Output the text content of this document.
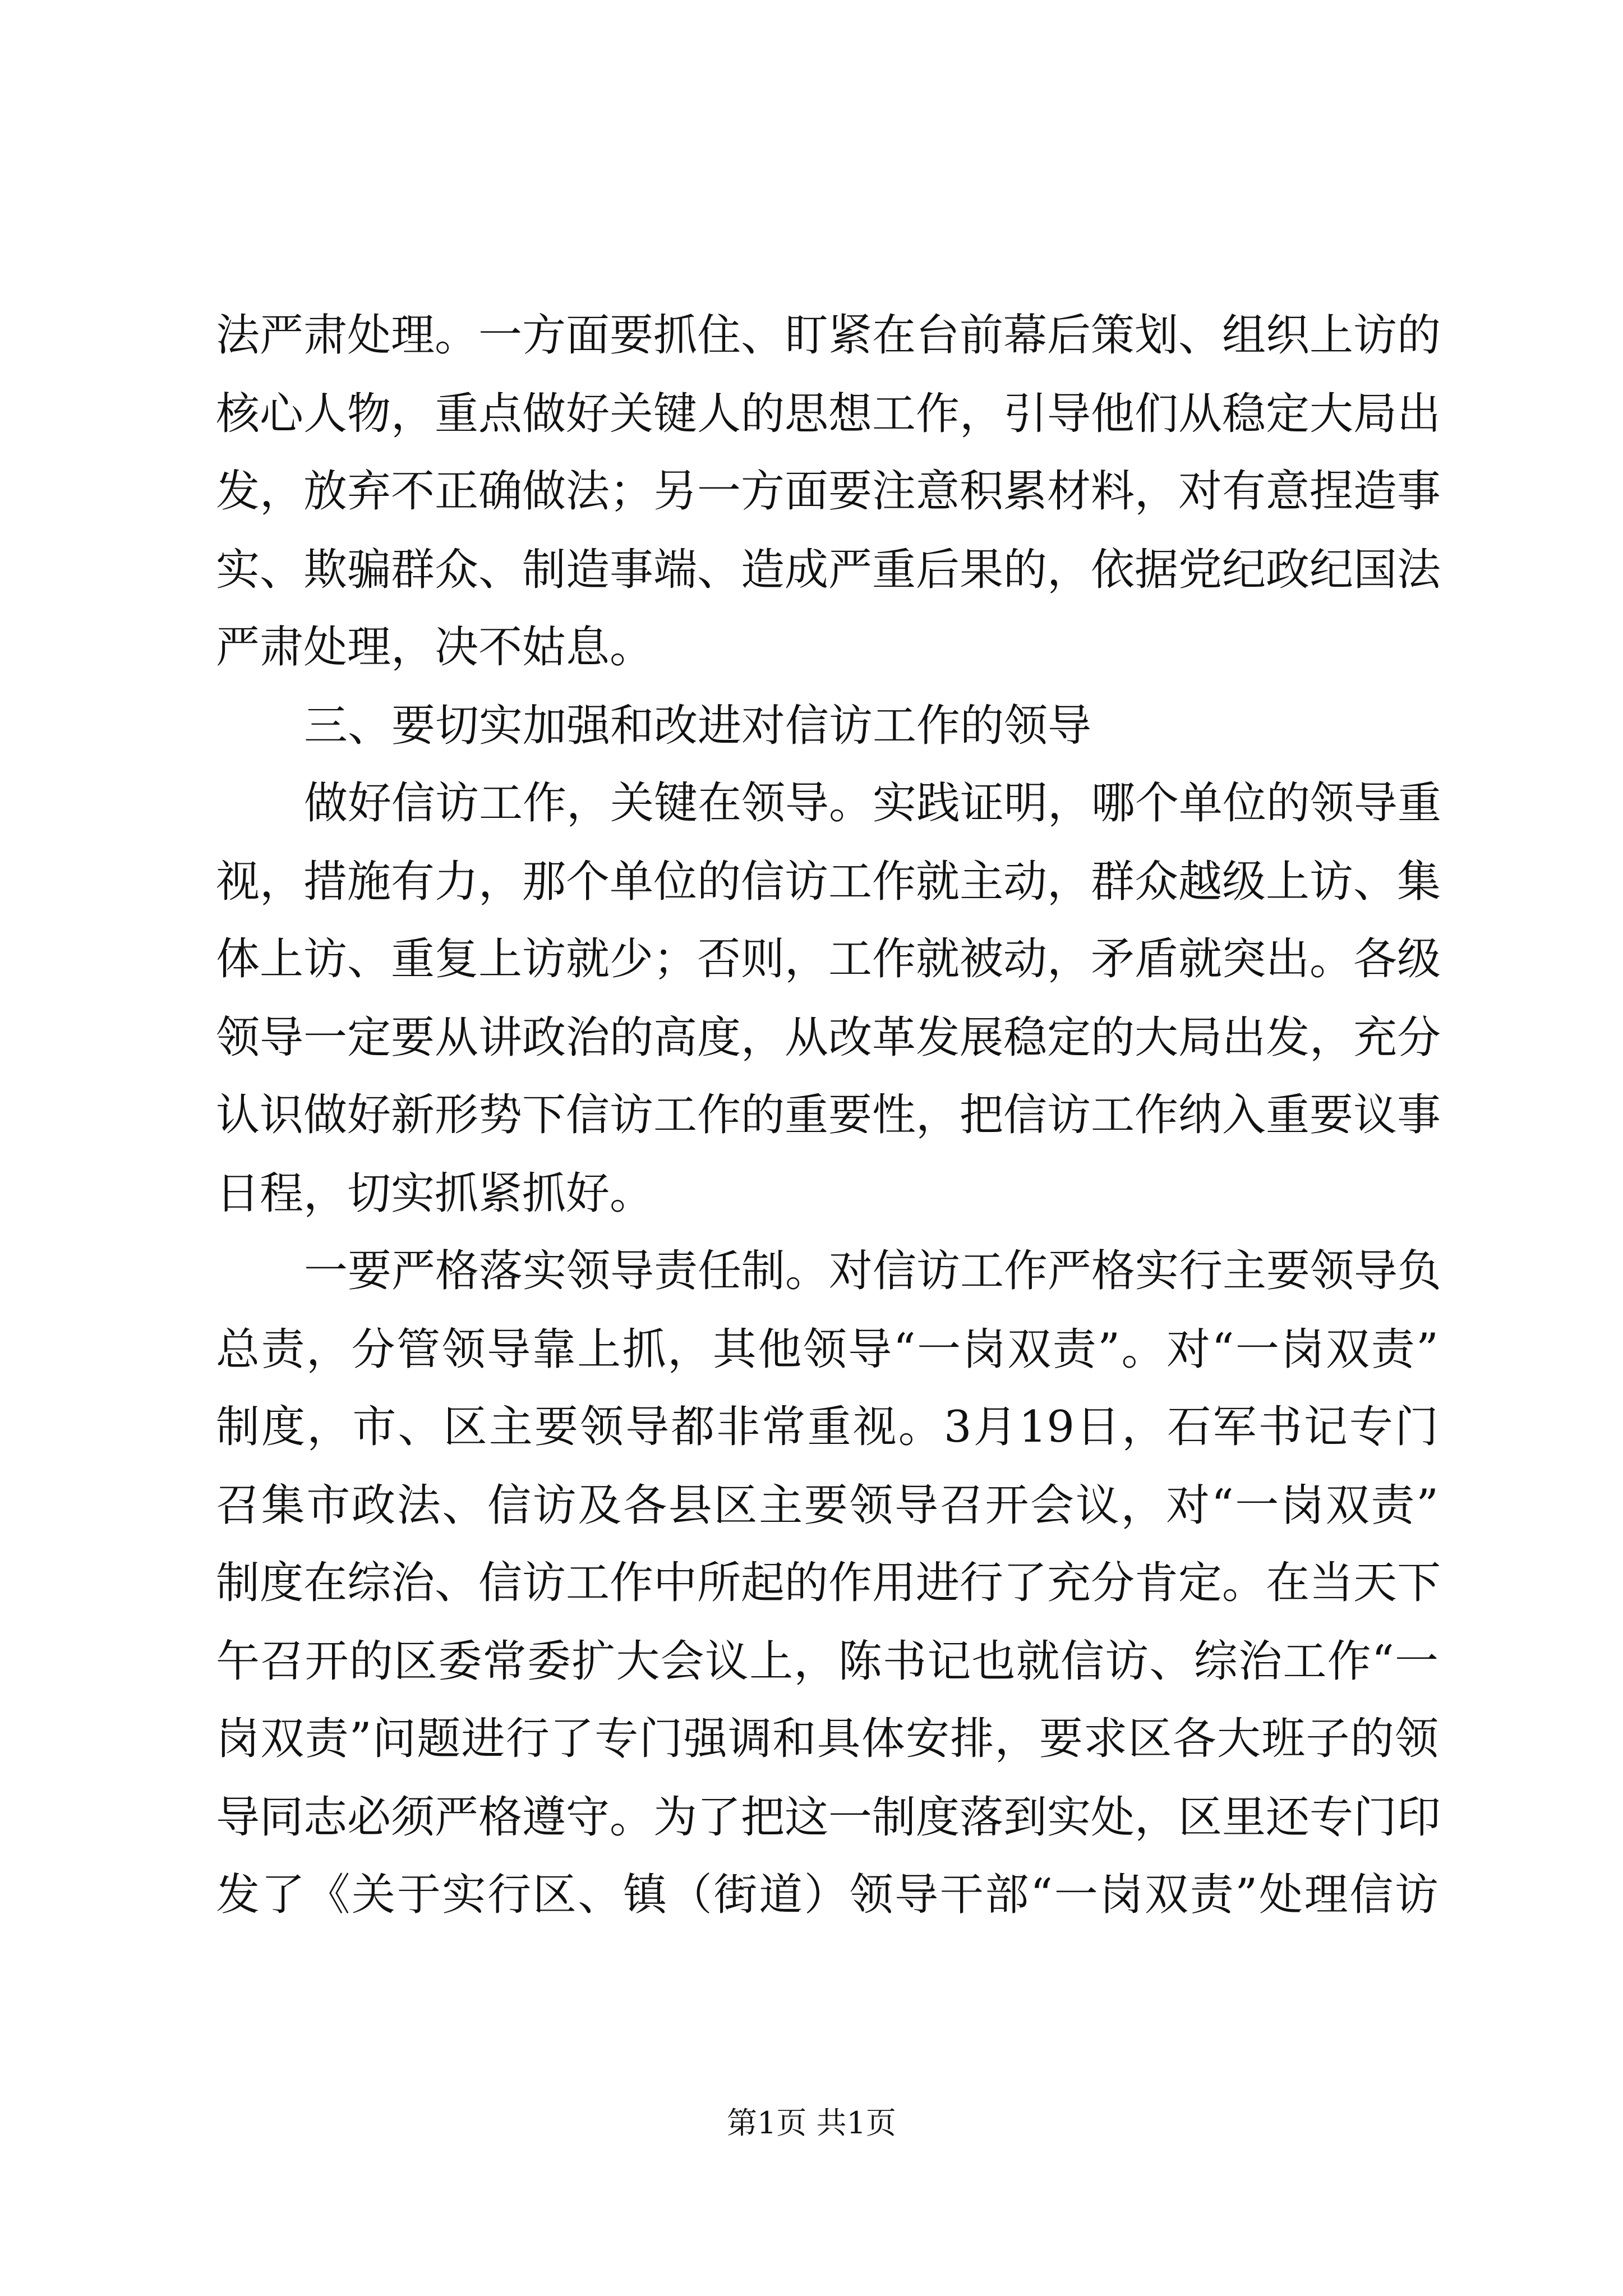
法严肃处理。一方面要抓住、盯紧在台前幕后策划、组织上访的
核心人物，重点做好关键人的思想工作，引导他们从稳定大局出
发，放弃不正确做法；另一方面要注意积累材料，对有意捏造事
实、欺骗群众、制造事端、造成严重后果的，依据党纪政纪国法
严肃处理，决不姑息。
三、要切实加强和改进对信访工作的领导
做好信访工作，关键在领导。实践证明，哪个单位的领导重
视，措施有力，那个单位的信访工作就主动，群众越级上访、集
体上访、重复上访就少；否则，工作就被动，矛盾就突出。各级
领导一定要从讲政治的高度，从改革发展稳定的大局出发，充分
认识做好新形势下信访工作的重要性，把信访工作纳入重要议事
日程，切实抓紧抓好。
一要严格落实领导责任制。对信访工作严格实行主要领导负
总责，分管领导靠上抓，其他领导“一岗双责”。对“一岗双责”
制度，市、区主要领导都非常重视。3月19日，石军书记专门
召集市政法、信访及各县区主要领导召开会议，对“一岗双责”
制度在综治、信访工作中所起的作用进行了充分肯定。在当天下
午召开的区委常委扩大会议上，陈书记也就信访、综治工作“一
岗双责”问题进行了专门强调和具体安排，要求区各大班子的领
导同志必须严格遵守。为了把这一制度落到实处，区里还专门印
发了《关于实行区、镇（街道）领导干部“一岗双责”处理信访
第1页 共1页
